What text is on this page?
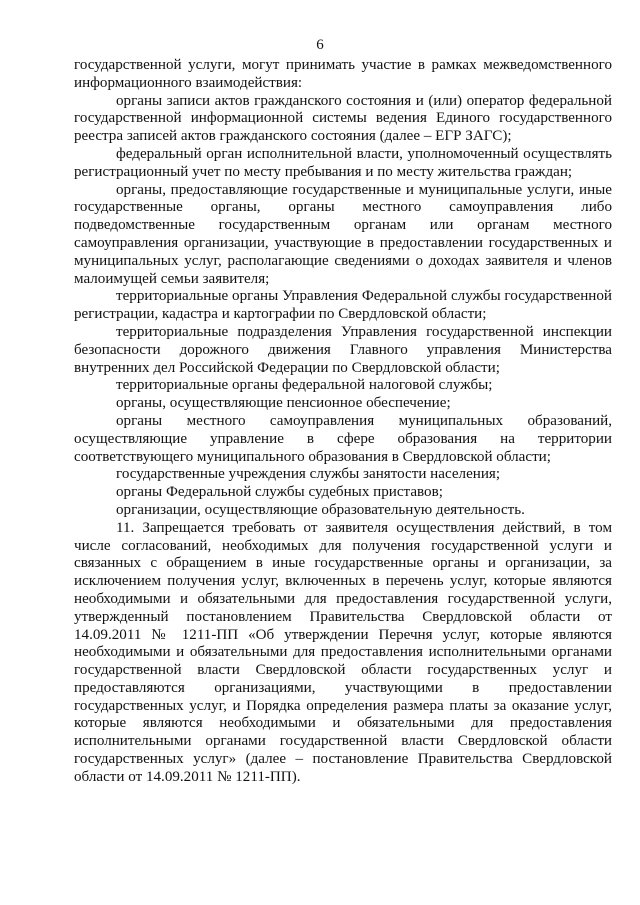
6

государственной услуги, могут принимать участие в рамках межведомственного информационного взаимодействия:

органы записи актов гражданского состояния и (или) оператор федеральной государственной информационной системы ведения Единого государственного реестра записей актов гражданского состояния (далее – ЕГР ЗАГС);

федеральный орган исполнительной власти, уполномоченный осуществлять регистрационный учет по месту пребывания и по месту жительства граждан;

органы, предоставляющие государственные и муниципальные услуги, иные государственные органы, органы местного самоуправления либо подведомственные государственным органам или органам местного самоуправления организации, участвующие в предоставлении государственных и муниципальных услуг, располагающие сведениями о доходах заявителя и членов малоимущей семьи заявителя;

территориальные органы Управления Федеральной службы государственной регистрации, кадастра и картографии по Свердловской области;

территориальные подразделения Управления государственной инспекции безопасности дорожного движения Главного управления Министерства внутренних дел Российской Федерации по Свердловской области;

территориальные органы федеральной налоговой службы;

органы, осуществляющие пенсионное обеспечение;

органы местного самоуправления муниципальных образований, осуществляющие управление в сфере образования на территории соответствующего муниципального образования в Свердловской области;

государственные учреждения службы занятости населения;

органы Федеральной службы судебных приставов;

организации, осуществляющие образовательную деятельность.

11. Запрещается требовать от заявителя осуществления действий, в том числе согласований, необходимых для получения государственной услуги и связанных с обращением в иные государственные органы и организации, за исключением получения услуг, включенных в перечень услуг, которые являются необходимыми и обязательными для предоставления государственной услуги, утвержденный постановлением Правительства Свердловской области от 14.09.2011 № 1211-ПП «Об утверждении Перечня услуг, которые являются необходимыми и обязательными для предоставления исполнительными органами государственной власти Свердловской области государственных услуг и предоставляются организациями, участвующими в предоставлении государственных услуг, и Порядка определения размера платы за оказание услуг, которые являются необходимыми и обязательными для предоставления исполнительными органами государственной власти Свердловской области государственных услуг» (далее – постановление Правительства Свердловской области от 14.09.2011 № 1211-ПП).
